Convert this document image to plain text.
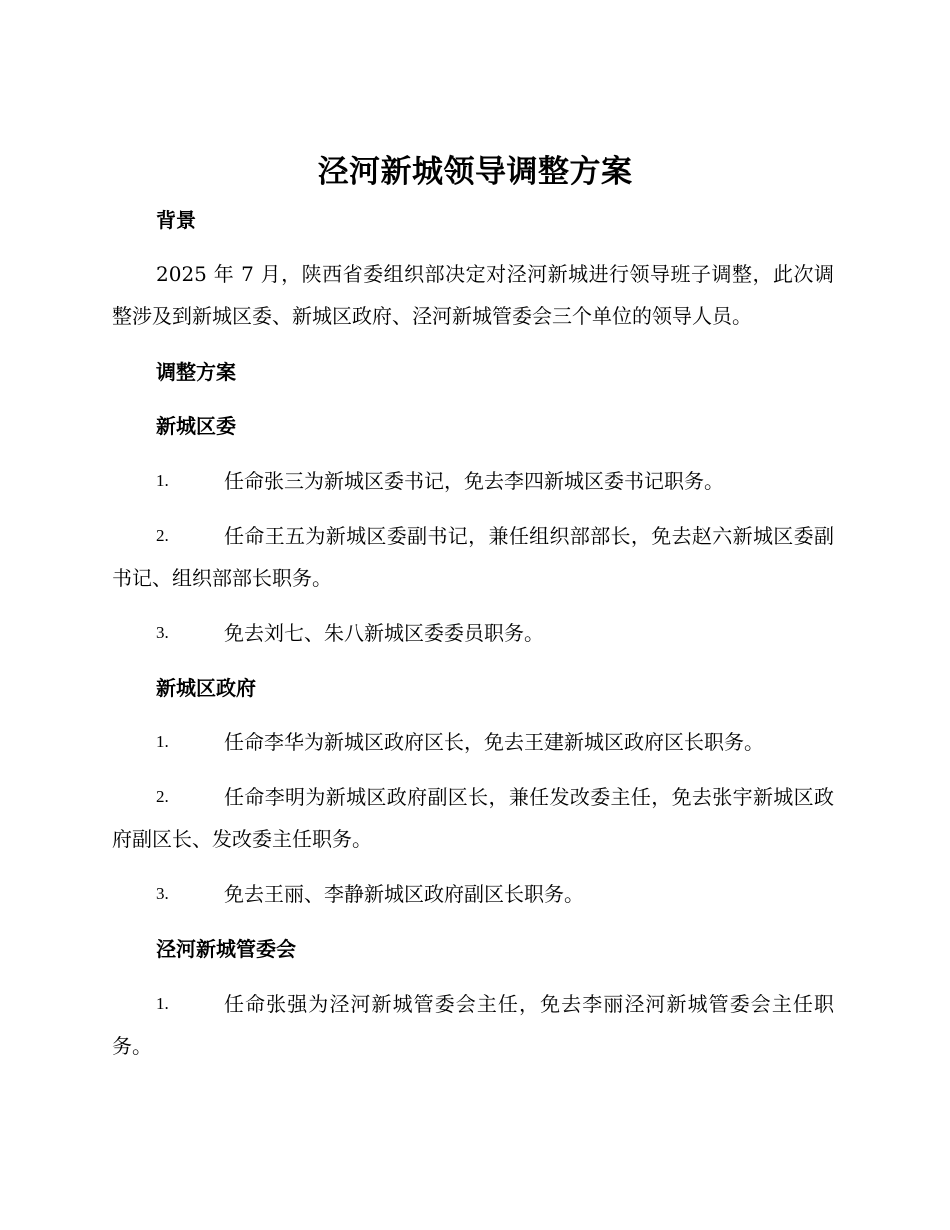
泾河新城领导调整方案
背景
2025 年 7 月，陕西省委组织部决定对泾河新城进行领导班子调整，此次调整涉及到新城区委、新城区政府、泾河新城管委会三个单位的领导人员。
调整方案
新城区委
1.	任命张三为新城区委书记，免去李四新城区委书记职务。
2.	任命王五为新城区委副书记，兼任组织部部长，免去赵六新城区委副书记、组织部部长职务。
3.	免去刘七、朱八新城区委委员职务。
新城区政府
1.	任命李华为新城区政府区长，免去王建新城区政府区长职务。
2.	任命李明为新城区政府副区长，兼任发改委主任，免去张宇新城区政府副区长、发改委主任职务。
3.	免去王丽、李静新城区政府副区长职务。
泾河新城管委会
1.	任命张强为泾河新城管委会主任，免去李丽泾河新城管委会主任职务。
